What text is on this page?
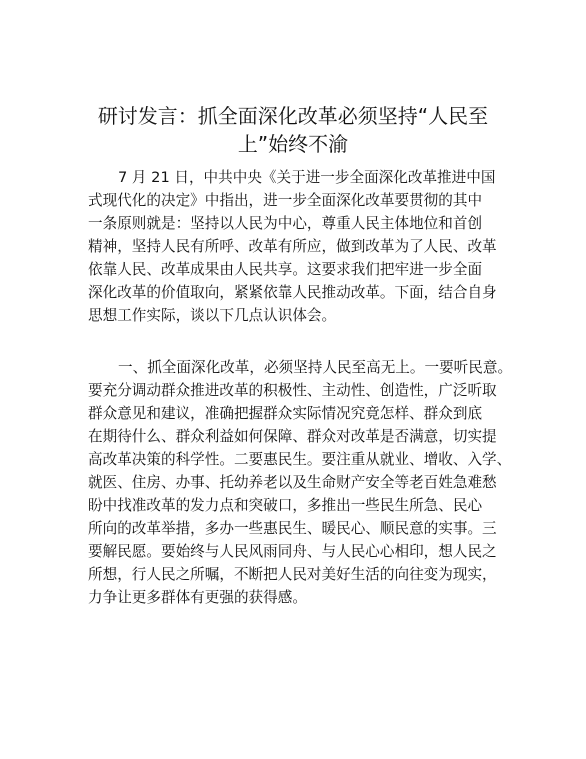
研讨发言：抓全面深化改革必须坚持“人民至
上”始终不渝
7 月 21 日，中共中央《关于进一步全面深化改革推进中国
式现代化的决定》中指出，进一步全面深化改革要贯彻的其中
一条原则就是：坚持以人民为中心，尊重人民主体地位和首创
精神，坚持人民有所呼、改革有所应，做到改革为了人民、改革
依靠人民、改革成果由人民共享。这要求我们把牢进一步全面
深化改革的价值取向，紧紧依靠人民推动改革。下面，结合自身
思想工作实际，谈以下几点认识体会。
一、抓全面深化改革，必须坚持人民至高无上。一要听民意。
要充分调动群众推进改革的积极性、主动性、创造性，广泛听取
群众意见和建议，准确把握群众实际情况究竟怎样、群众到底
在期待什么、群众利益如何保障、群众对改革是否满意，切实提
高改革决策的科学性。二要惠民生。要注重从就业、增收、入学、
就医、住房、办事、托幼养老以及生命财产安全等老百姓急难愁
盼中找准改革的发力点和突破口，多推出一些民生所急、民心
所向的改革举措，多办一些惠民生、暖民心、顺民意的实事。三
要解民愿。要始终与人民风雨同舟、与人民心心相印，想人民之
所想，行人民之所嘱，不断把人民对美好生活的向往变为现实，
力争让更多群体有更强的获得感。
